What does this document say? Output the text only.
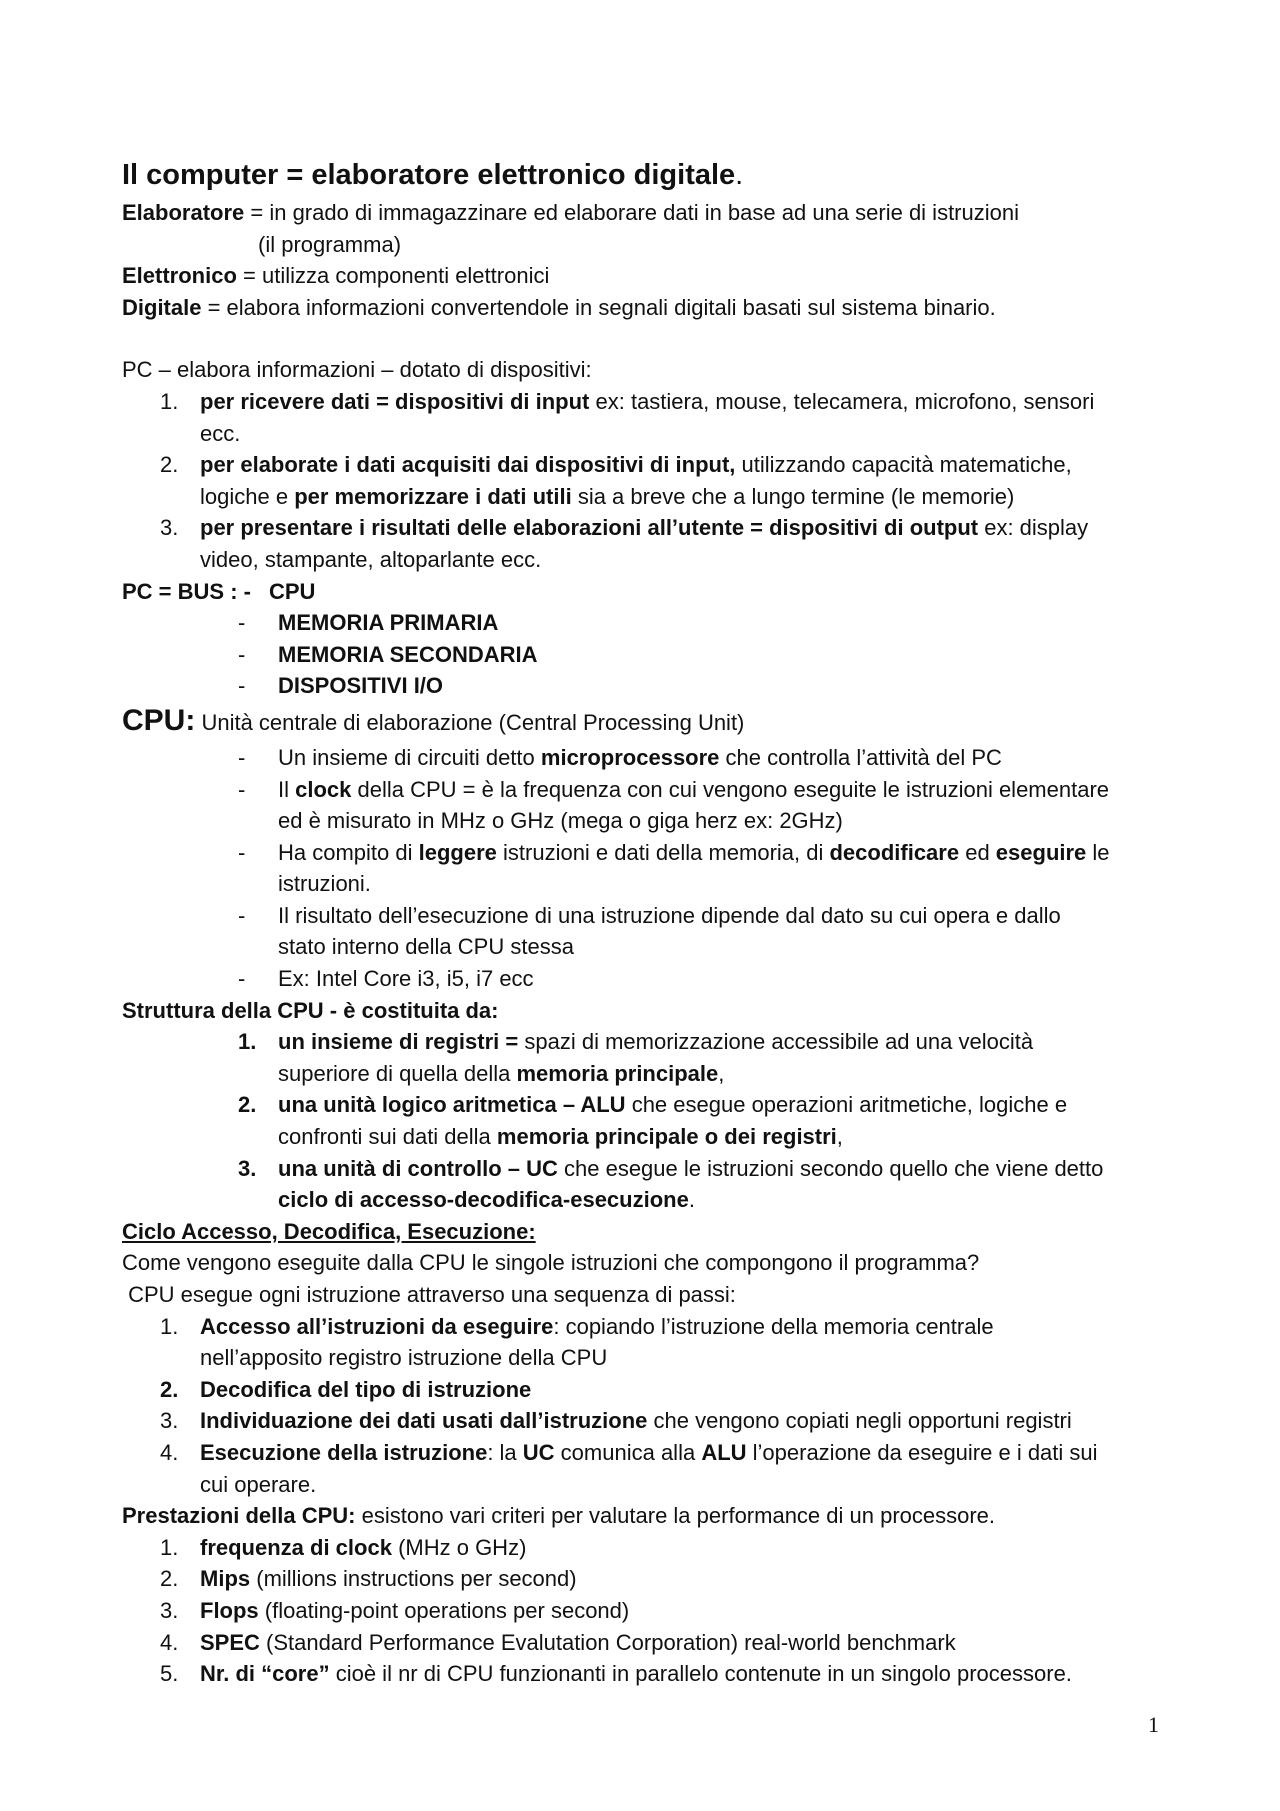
Il computer = elaboratore elettronico digitale.
Elaboratore = in grado di immagazzinare ed elaborare dati in base ad una serie di istruzioni
(il programma)
Elettronico = utilizza componenti elettronici
Digitale = elabora informazioni convertendole in segnali digitali basati sul sistema binario.
PC – elabora informazioni – dotato di dispositivi:
1. per ricevere dati = dispositivi di input ex: tastiera, mouse, telecamera, microfono, sensori
ecc.
2. per elaborate i dati acquisiti dai dispositivi di input, utilizzando capacità matematiche,
logiche e per memorizzare i dati utili sia a breve che a lungo termine (le memorie)
3. per presentare i risultati delle elaborazioni all’utente = dispositivi di output ex: display
video, stampante, altoparlante ecc.
PC = BUS : - CPU
- MEMORIA PRIMARIA
- MEMORIA SECONDARIA
- DISPOSITIVI I/O
CPU: Unità centrale di elaborazione (Central Processing Unit)
- Un insieme di circuiti detto microprocessore che controlla l’attività del PC
- Il clock della CPU = è la frequenza con cui vengono eseguite le istruzioni elementare
ed è misurato in MHz o GHz (mega o giga herz ex: 2GHz)
- Ha compito di leggere istruzioni e dati della memoria, di decodificare ed eseguire le
istruzioni.
- Il risultato dell’esecuzione di una istruzione dipende dal dato su cui opera e dallo
stato interno della CPU stessa
- Ex: Intel Core i3, i5, i7 ecc
Struttura della CPU - è costituita da:
1. un insieme di registri = spazi di memorizzazione accessibile ad una velocità
superiore di quella della memoria principale,
2. una unità logico aritmetica – ALU che esegue operazioni aritmetiche, logiche e
confronti sui dati della memoria principale o dei registri,
3. una unità di controllo – UC che esegue le istruzioni secondo quello che viene detto
ciclo di accesso-decodifica-esecuzione.
Ciclo Accesso, Decodifica, Esecuzione:
Come vengono eseguite dalla CPU le singole istruzioni che compongono il programma?
CPU esegue ogni istruzione attraverso una sequenza di passi:
1. Accesso all’istruzioni da eseguire: copiando l’istruzione della memoria centrale
nell’apposito registro istruzione della CPU
2. Decodifica del tipo di istruzione
3. Individuazione dei dati usati dall’istruzione che vengono copiati negli opportuni registri
4. Esecuzione della istruzione: la UC comunica alla ALU l’operazione da eseguire e i dati sui
cui operare.
Prestazioni della CPU: esistono vari criteri per valutare la performance di un processore.
1. frequenza di clock (MHz o GHz)
2. Mips (millions instructions per second)
3. Flops (floating-point operations per second)
4. SPEC (Standard Performance Evalutation Corporation) real-world benchmark
5. Nr. di “core” cioè il nr di CPU funzionanti in parallelo contenute in un singolo processore.
1
